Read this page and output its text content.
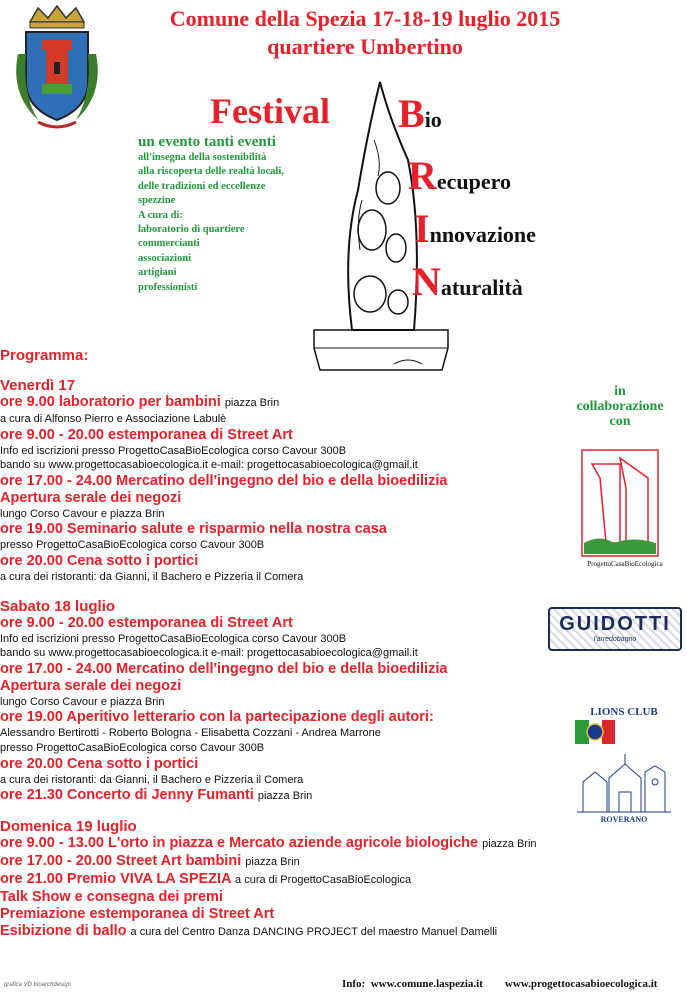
Comune della Spezia 17-18-19 luglio 2015
quartiere Umbertino
Festival Bio
Recupero
Innovazione
Naturalità
un evento tanti eventi
all'insegna della sostenibilità
alla riscoperta delle realtà locali,
delle tradizioni ed eccellenze
spezzine
A cura di:
laboratorio di quartiere
commercianti
associazioni
artigiani
professionisti
Programma:
Venerdì 17
ore 9.00 laboratorio per bambini piazza Brin
a cura di Alfonso Pierro e Associazione Labulè
ore 9.00 - 20.00 estemporanea di Street Art
Info ed iscrizioni presso ProgettoCasaBioEcologica corso Cavour 300B
bando su www.progettocasabioecologica.it e-mail: progettocasabioecologica@gmail.it
ore 17.00 - 24.00 Mercatino dell'ingegno del bio e della bioedilizia
Apertura serale dei negozi
lungo Corso Cavour e piazza Brin
ore 19.00 Seminario salute e risparmio nella nostra casa
presso ProgettoCasaBioEcologica corso Cavour 300B
ore 20.00 Cena sotto i portici
a cura dei ristoranti: da Gianni, il Bachero e Pizzeria il Comera
Sabato 18 luglio
ore 9.00 - 20.00 estemporanea di Street Art
Info ed iscrizioni presso ProgettoCasaBioEcologica corso Cavour 300B
bando su www.progettocasabioecologica.it e-mail: progettocasabioecologica@gmail.it
ore 17.00 - 24.00 Mercatino dell'ingegno del bio e della bioedilizia
Apertura serale dei negozi
lungo Corso Cavour e piazza Brin
ore 19.00 Aperitivo letterario con la partecipazione degli autori:
Alessandro Bertirotti - Roberto Bologna - Elisabetta Cozzani - Andrea Marrone
presso ProgettoCasaBioEcologica corso Cavour 300B
ore 20.00 Cena sotto i portici
a cura dei ristoranti: da Gianni, il Bachero e Pizzeria il Comera
ore 21.30 Concerto di Jenny Fumanti piazza Brin
Domenica 19 luglio
ore 9.00 - 13.00 L'orto in piazza e Mercato aziende agricole biologiche piazza Brin
ore 17.00 - 20.00 Street Art bambini piazza Brin
ore 21.00 Premio VIVA LA SPEZIA a cura di ProgettoCasaBioEcologica
Talk Show e consegna dei premi
Premiazione estemporanea di Street Art
Esibizione di ballo a cura del Centro Danza DANCING PROJECT del maestro Manuel Damelli
in
collaborazione
con
ProgettoCasaBioEcologica
GUIDOTTI
l'arredobagno
LIONS CLUB
ROVERANO
grafica VD bioarchdesign	Info: www.comune.laspezia.it www.progettocasabioecologica.it
